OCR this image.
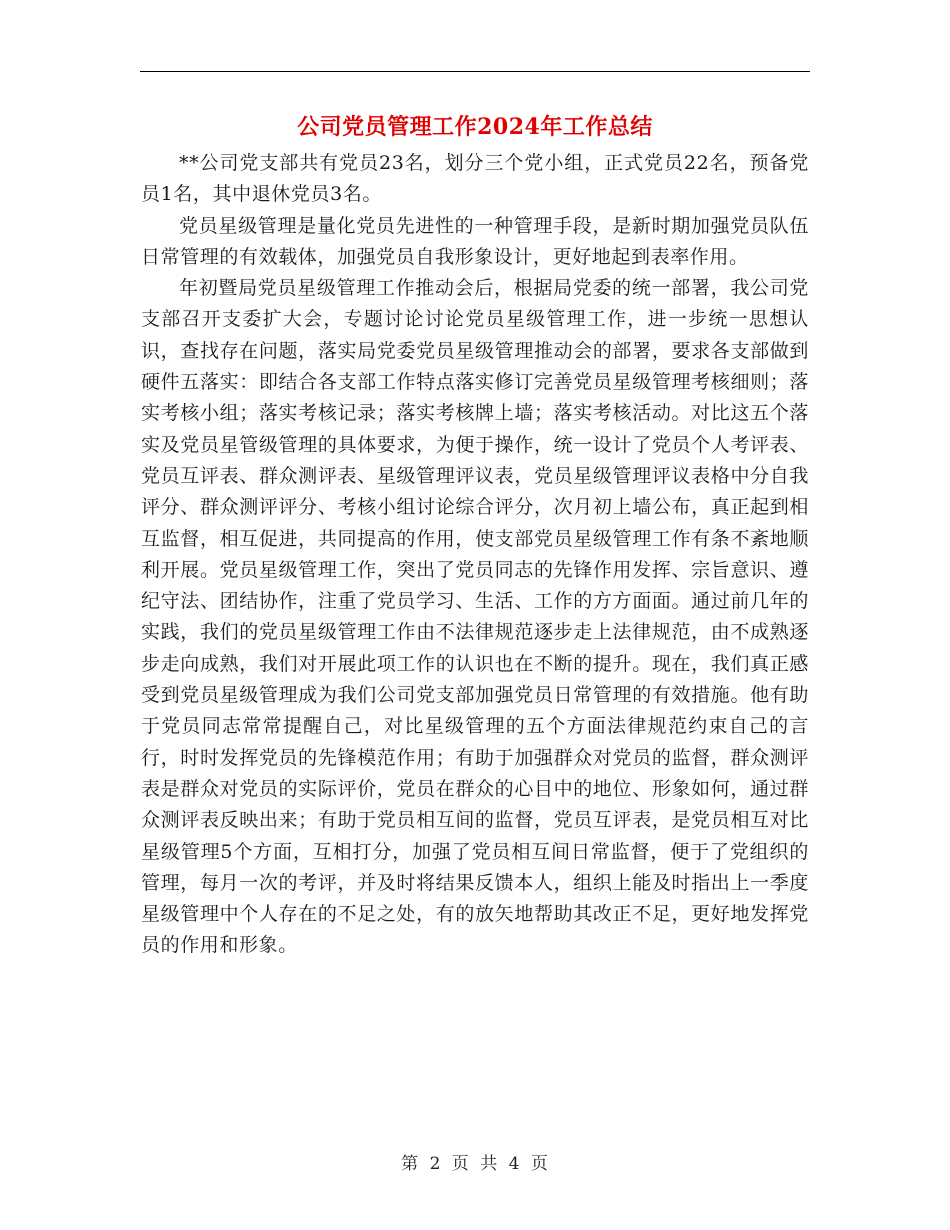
公司党员管理工作2024年工作总结

**公司党支部共有党员23名，划分三个党小组，正式党员22名，预备党员1名，其中退休党员3名。

党员星级管理是量化党员先进性的一种管理手段，是新时期加强党员队伍日常管理的有效载体，加强党员自我形象设计，更好地起到表率作用。

年初暨局党员星级管理工作推动会后，根据局党委的统一部署，我公司党支部召开支委扩大会，专题讨论讨论党员星级管理工作，进一步统一思想认识，查找存在问题，落实局党委党员星级管理推动会的部署，要求各支部做到硬件五落实：即结合各支部工作特点落实修订完善党员星级管理考核细则；落实考核小组；落实考核记录；落实考核牌上墙；落实考核活动。对比这五个落实及党员星管级管理的具体要求，为便于操作，统一设计了党员个人考评表、党员互评表、群众测评表、星级管理评议表，党员星级管理评议表格中分自我评分、群众测评评分、考核小组讨论综合评分，次月初上墙公布，真正起到相互监督，相互促进，共同提高的作用，使支部党员星级管理工作有条不紊地顺利开展。党员星级管理工作，突出了党员同志的先锋作用发挥、宗旨意识、遵纪守法、团结协作，注重了党员学习、生活、工作的方方面面。通过前几年的实践，我们的党员星级管理工作由不法律规范逐步走上法律规范，由不成熟逐步走向成熟，我们对开展此项工作的认识也在不断的提升。现在，我们真正感受到党员星级管理成为我们公司党支部加强党员日常管理的有效措施。他有助于党员同志常常提醒自己，对比星级管理的五个方面法律规范约束自己的言行，时时发挥党员的先锋模范作用；有助于加强群众对党员的监督，群众测评表是群众对党员的实际评价，党员在群众的心目中的地位、形象如何，通过群众测评表反映出来；有助于党员相互间的监督，党员互评表，是党员相互对比星级管理5个方面，互相打分，加强了党员相互间日常监督，便于了党组织的管理，每月一次的考评，并及时将结果反馈本人，组织上能及时指出上一季度星级管理中个人存在的不足之处，有的放矢地帮助其改正不足，更好地发挥党员的作用和形象。

第 2 页 共 4 页
